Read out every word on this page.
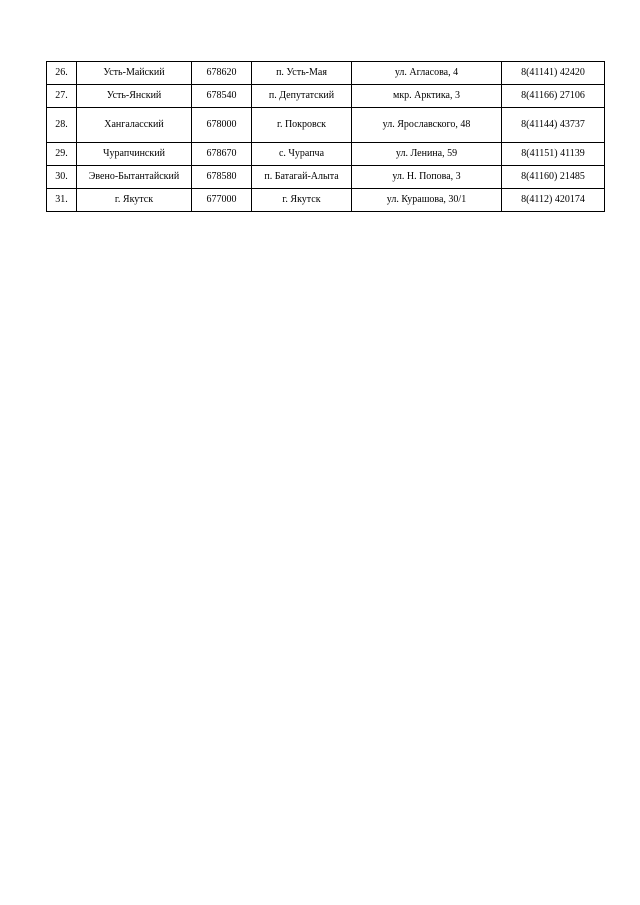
26.	Усть-Майский	678620	п. Усть-Мая	ул. Агласова, 4	8(41141) 42420
27.	Усть-Янский	678540	п. Депутатский	мкр. Арктика, 3	8(41166) 27106
28.	Хангаласский	678000	г. Покровск	ул. Ярославского, 48	8(41144) 43737
29.	Чурапчинский	678670	с. Чурапча	ул. Ленина, 59	8(41151) 41139
30.	Эвено-Бытантайский	678580	п. Батагай-Алыта	ул. Н. Попова, 3	8(41160) 21485
31.	г. Якутск	677000	г. Якутск	ул. Курашова, 30/1	8(4112) 420174
